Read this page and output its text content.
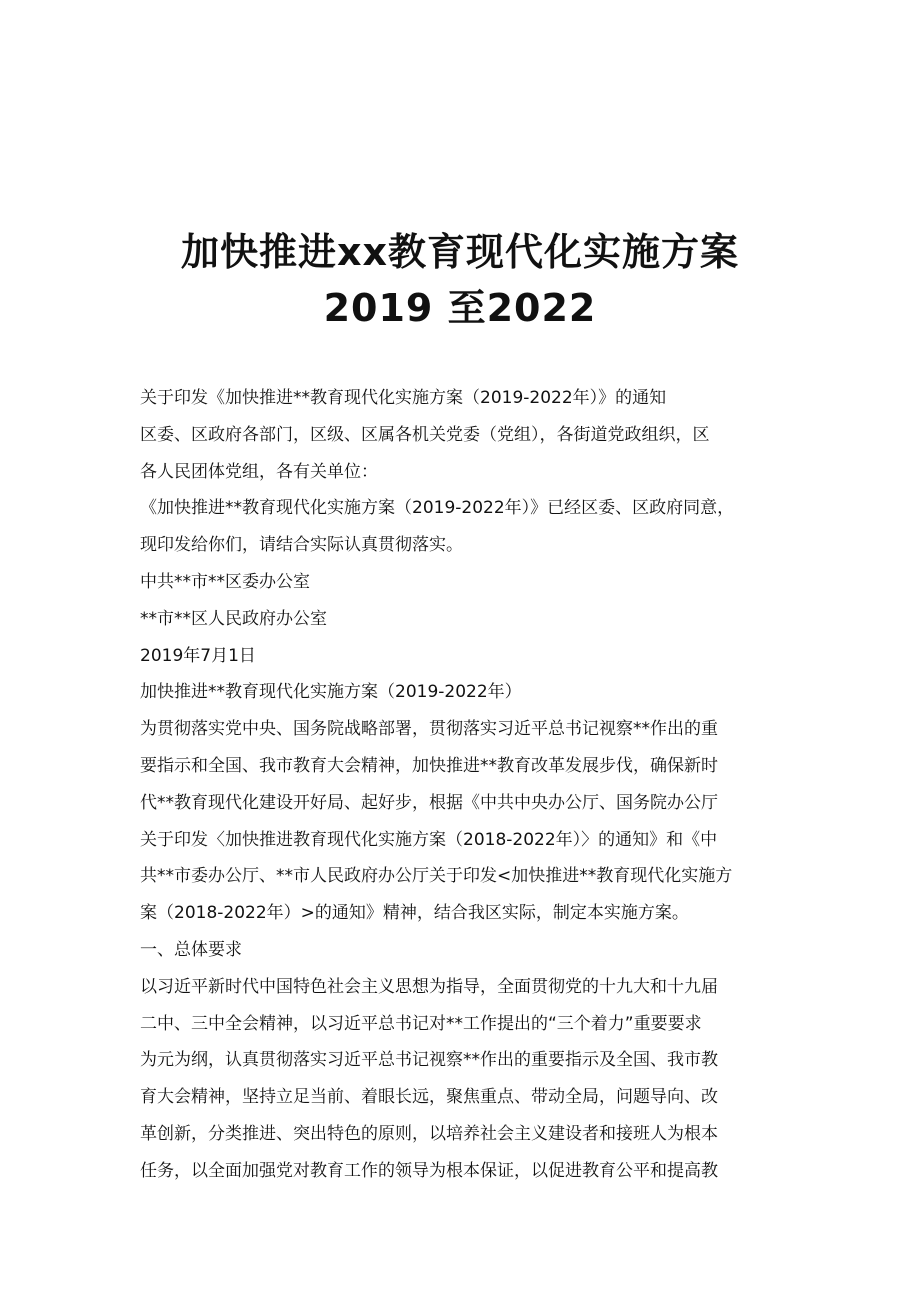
加快推进xx教育现代化实施方案
2019 至2022

关于印发《加快推进**教育现代化实施方案（2019-2022年）》的通知

区委、区政府各部门，区级、区属各机关党委（党组），各街道党政组织，区

各人民团体党组，各有关单位：

《加快推进**教育现代化实施方案（2019-2022年）》已经区委、区政府同意，

现印发给你们，请结合实际认真贯彻落实。

中共**市**区委办公室

**市**区人民政府办公室

2019年7月1日

加快推进**教育现代化实施方案（2019-2022年）

为贯彻落实党中央、国务院战略部署，贯彻落实习近平总书记视察**作出的重

要指示和全国、我市教育大会精神，加快推进**教育改革发展步伐，确保新时

代**教育现代化建设开好局、起好步，根据《中共中央办公厅、国务院办公厅

关于印发〈加快推进教育现代化实施方案（2018-2022年）〉的通知》和《中

共**市委办公厅、**市人民政府办公厅关于印发<加快推进**教育现代化实施方

案（2018-2022年）>的通知》精神，结合我区实际，制定本实施方案。

一、总体要求

以习近平新时代中国特色社会主义思想为指导，全面贯彻党的十九大和十九届

二中、三中全会精神，以习近平总书记对**工作提出的“三个着力”重要要求

为元为纲，认真贯彻落实习近平总书记视察**作出的重要指示及全国、我市教

育大会精神，坚持立足当前、着眼长远，聚焦重点、带动全局，问题导向、改

革创新，分类推进、突出特色的原则，以培养社会主义建设者和接班人为根本

任务，以全面加强党对教育工作的领导为根本保证，以促进教育公平和提高教
